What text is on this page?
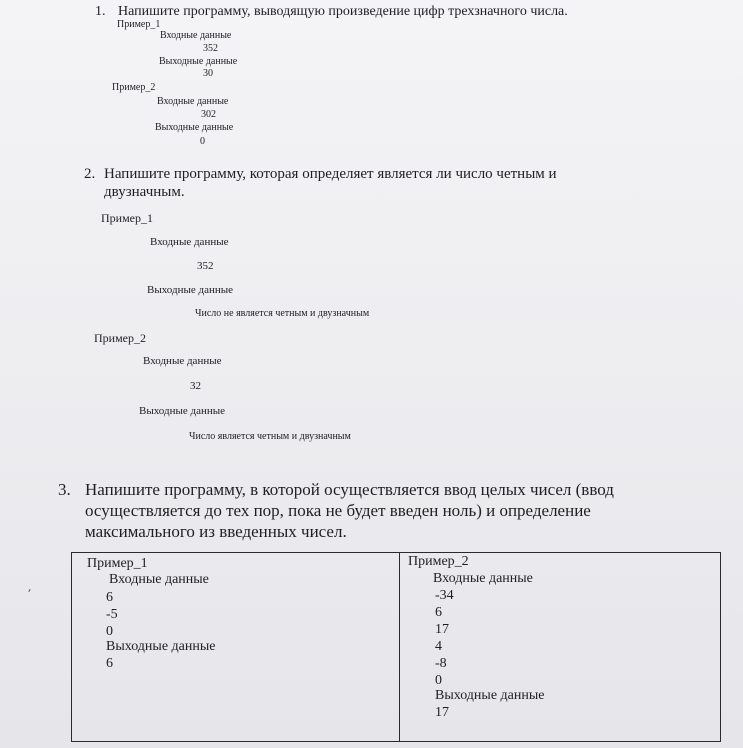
1. Напишите программу, выводящую произведение цифр трехзначного числа.
Пример_1
Входные данные
352
Выходные данные
30
Пример_2
Входные данные
302
Выходные данные
0
2. Напишите программу, которая определяет является ли число четным и
двузначным.
Пример_1
Входные данные
352
Выходные данные
Число не является четным и двузначным
Пример_2
Входные данные
32
Выходные данные
Число является четным и двузначным
3. Напишите программу, в которой осуществляется ввод целых чисел (ввод
осуществляется до тех пор, пока не будет введен ноль) и определение
максимального из введенных чисел.
Пример_1
Входные данные
6
-5
0
Выходные данные
6
Пример_2
Входные данные
-34
6
17
4
-8
0
Выходные данные
17
